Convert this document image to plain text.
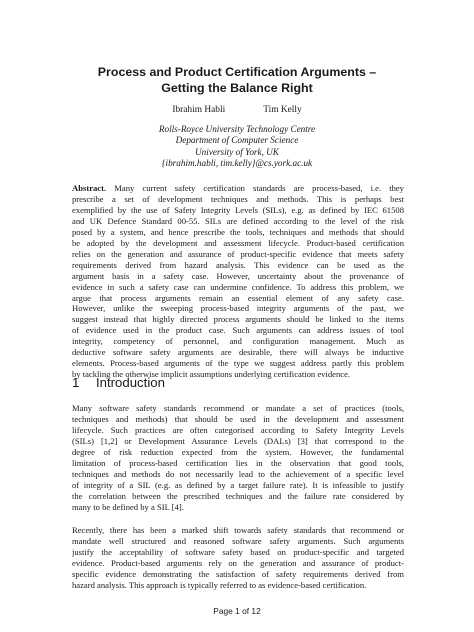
Process and Product Certification Arguments –
Getting the Balance Right
Ibrahim Habli	Tim Kelly
Rolls-Royce University Technology Centre
Department of Computer Science
University of York, UK
{ibrahim.habli, tim.kelly}@cs.york.ac.uk
Abstract. Many current safety certification standards are process-based, i.e. they
prescribe a set of development techniques and methods. This is perhaps best
exemplified by the use of Safety Integrity Levels (SILs), e.g. as defined by IEC 61508
and UK Defence Standard 00-55. SILs are defined according to the level of the risk
posed by a system, and hence prescribe the tools, techniques and methods that should
be adopted by the development and assessment lifecycle. Product-based certification
relies on the generation and assurance of product-specific evidence that meets safety
requirements derived from hazard analysis. This evidence can be used as the
argument basis in a safety case. However, uncertainty about the provenance of
evidence in such a safety case can undermine confidence. To address this problem, we
argue that process arguments remain an essential element of any safety case.
However, unlike the sweeping process-based integrity arguments of the past, we
suggest instead that highly directed process arguments should be linked to the items
of evidence used in the product case. Such arguments can address issues of tool
integrity, competency of personnel, and configuration management. Much as
deductive software safety arguments are desirable, there will always be inductive
elements. Process-based arguments of the type we suggest address partly this problem
by tackling the otherwise implicit assumptions underlying certification evidence.
1 Introduction
Many software safety standards recommend or mandate a set of practices (tools,
techniques and methods) that should be used in the development and assessment
lifecycle. Such practices are often categorised according to Safety Integrity Levels
(SILs) [1,2] or Development Assurance Levels (DALs) [3] that correspond to the
degree of risk reduction expected from the system. However, the fundamental
limitation of process-based certification lies in the observation that good tools,
techniques and methods do not necessarily lead to the achievement of a specific level
of integrity of a SIL (e.g. as defined by a target failure rate). It is infeasible to justify
the correlation between the prescribed techniques and the failure rate considered by
many to be defined by a SIL [4].
Recently, there has been a marked shift towards safety standards that recommend or
mandate well structured and reasoned software safety arguments. Such arguments
justify the acceptability of software safety based on product-specific and targeted
evidence. Product-based arguments rely on the generation and assurance of product-
specific evidence demonstrating the satisfaction of safety requirements derived from
hazard analysis. This approach is typically referred to as evidence-based certification.
Page 1 of 12
